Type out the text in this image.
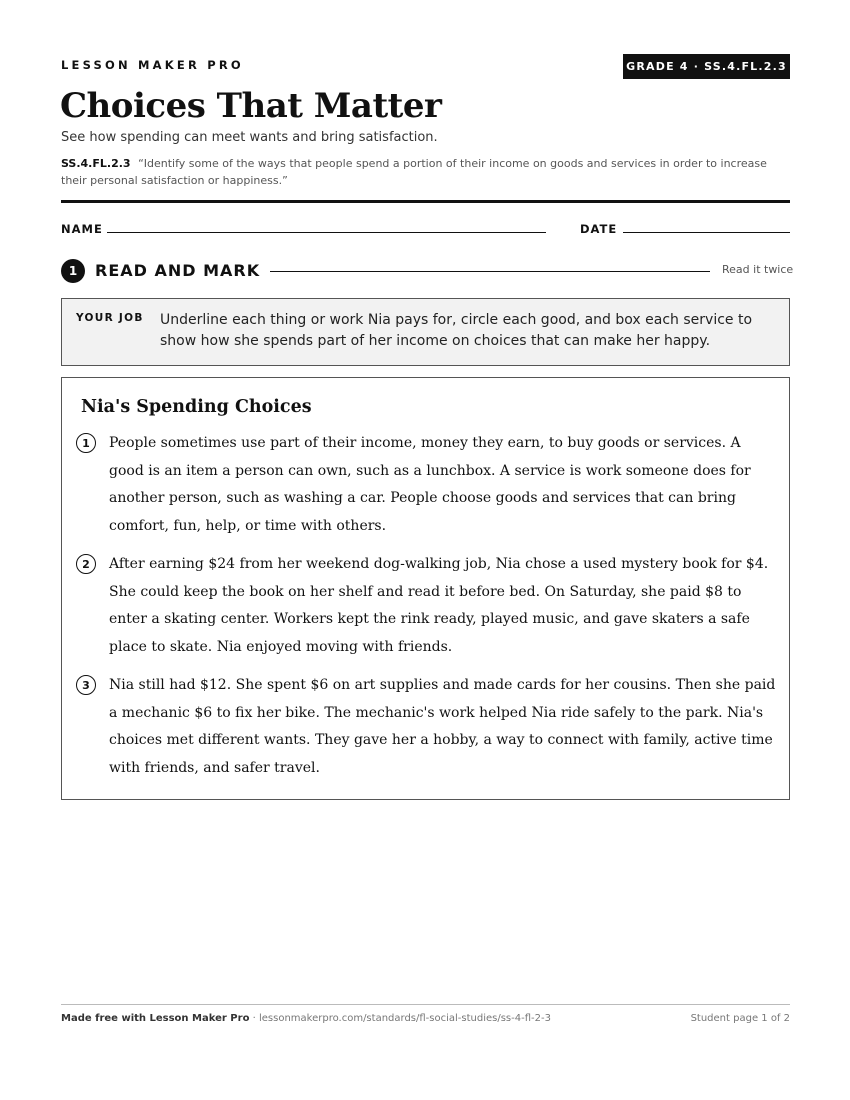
LESSON MAKER PRO	GRADE 4 · SS.4.FL.2.3
Choices That Matter
See how spending can meet wants and bring satisfaction.
SS.4.FL.2.3 “Identify some of the ways that people spend a portion of their income on goods and services in order to increase their personal satisfaction or happiness.”
NAME	DATE
1	READ AND MARK	Read it twice
YOUR JOB Underline each thing or work Nia pays for, circle each good, and box each service to show how she spends part of her income on choices that can make her happy.
Nia's Spending Choices
1	People sometimes use part of their income, money they earn, to buy goods or services. A good is an item a person can own, such as a lunchbox. A service is work someone does for another person, such as washing a car. People choose goods and services that can bring comfort, fun, help, or time with others.
2	After earning $24 from her weekend dog-walking job, Nia chose a used mystery book for $4. She could keep the book on her shelf and read it before bed. On Saturday, she paid $8 to enter a skating center. Workers kept the rink ready, played music, and gave skaters a safe place to skate. Nia enjoyed moving with friends.
3	Nia still had $12. She spent $6 on art supplies and made cards for her cousins. Then she paid a mechanic $6 to fix her bike. The mechanic's work helped Nia ride safely to the park. Nia's choices met different wants. They gave her a hobby, a way to connect with family, active time with friends, and safer travel.
Made free with Lesson Maker Pro · lessonmakerpro.com/standards/fl-social-studies/ss-4-fl-2-3	Student page 1 of 2
